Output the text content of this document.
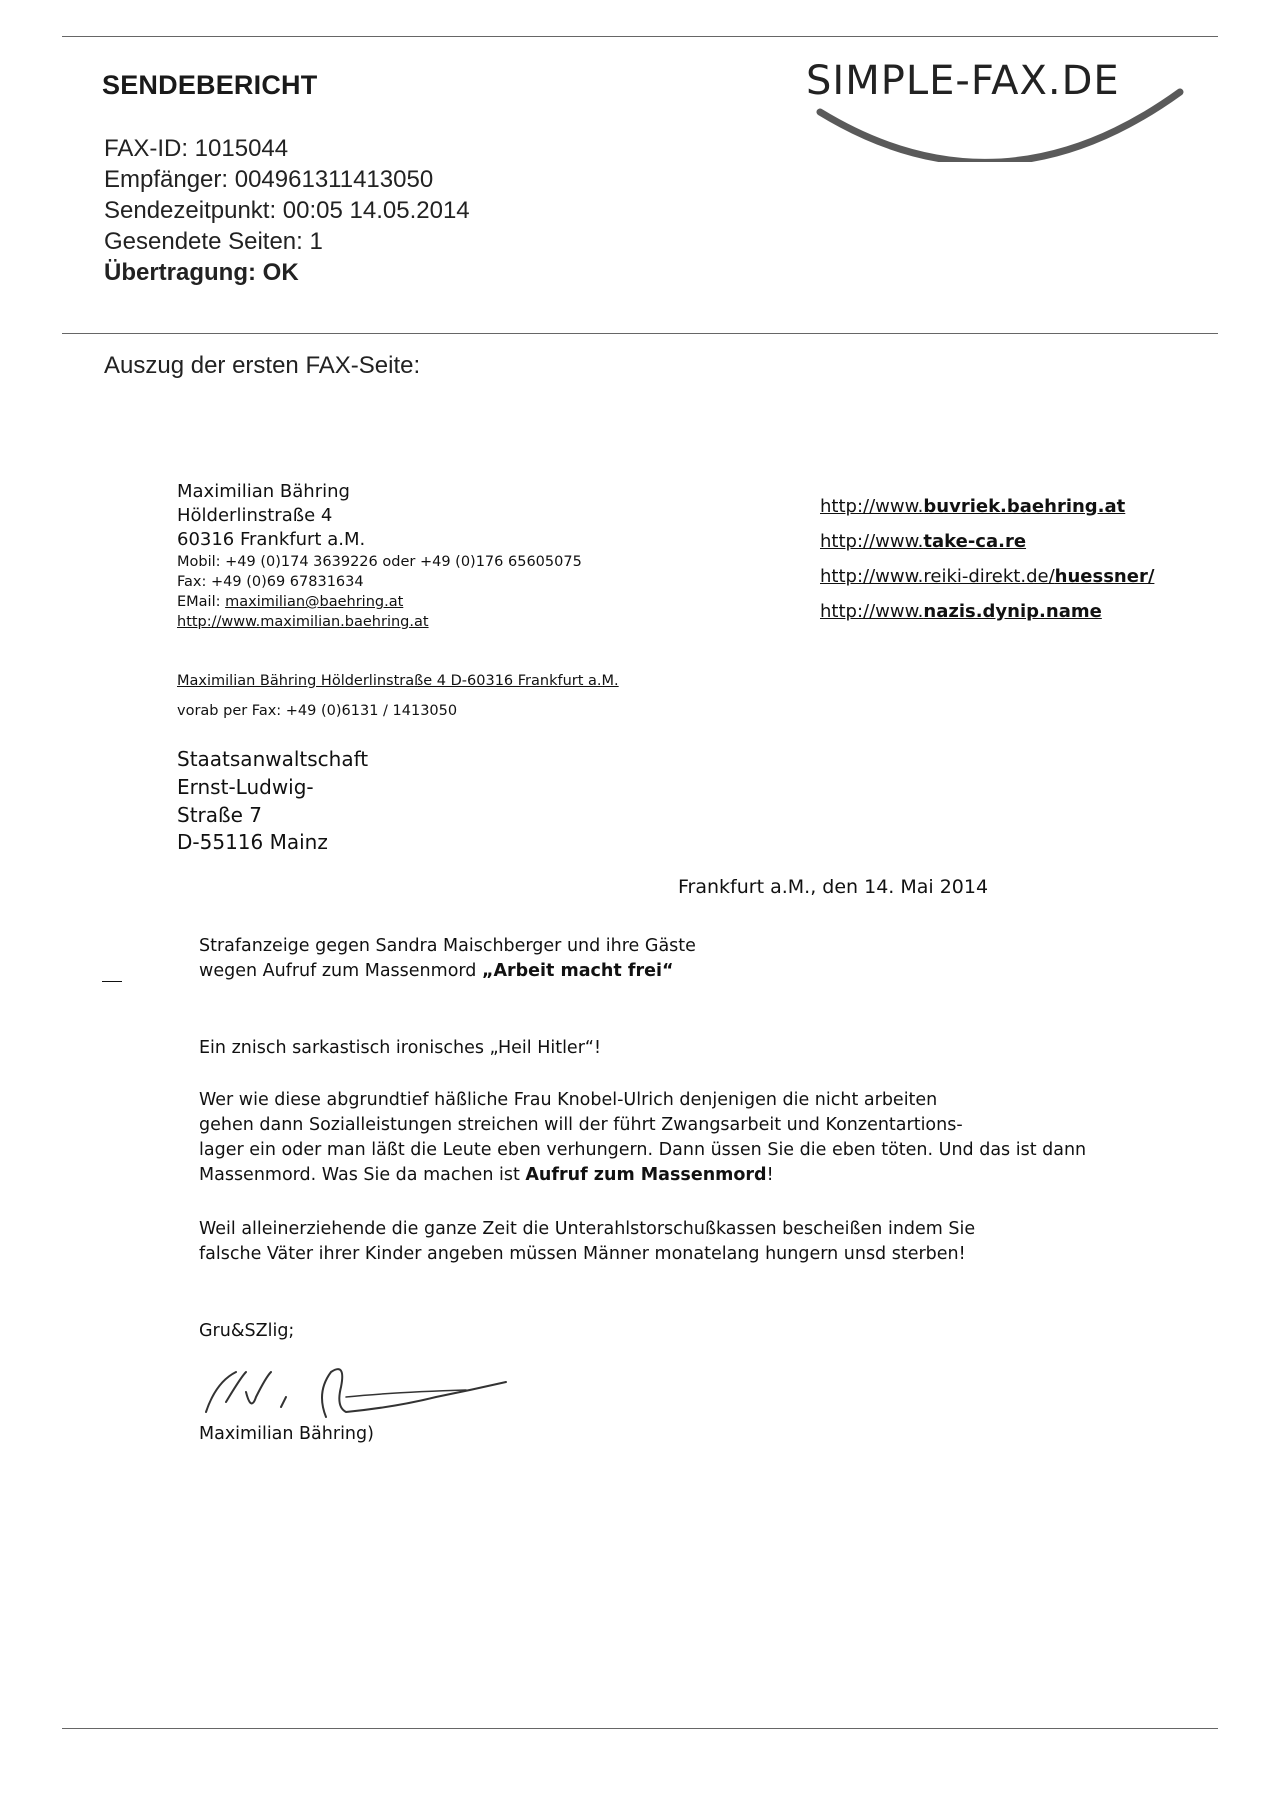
SENDEBERICHT	SIMPLE-FAX.DE
FAX-ID: 1015044
Empfänger: 004961311413050
Sendezeitpunkt: 00:05 14.05.2014
Gesendete Seiten: 1
Übertragung: OK
Auszug der ersten FAX-Seite:
Maximilian Bähring
Hölderlinstraße 4
60316 Frankfurt a.M.
Mobil: +49 (0)174 3639226 oder +49 (0)176 65605075
Fax: +49 (0)69 67831634
EMail: maximilian@baehring.at
http://www.maximilian.baehring.at
http://www.buvriek.baehring.at
http://www.take-ca.re
http://www.reiki-direkt.de/huessner/
http://www.nazis.dynip.name
Maximilian Bähring Hölderlinstraße 4 D-60316 Frankfurt a.M.
vorab per Fax: +49 (0)6131 / 1413050
Staatsanwaltschaft
Ernst-Ludwig-Straße 7
D-55116 Mainz
Frankfurt a.M., den 14. Mai 2014
Strafanzeige gegen Sandra Maischberger und ihre Gäste
wegen Aufruf zum Massenmord „Arbeit macht frei“
Ein znisch sarkastisch ironisches „Heil Hitler“!
Wer wie diese abgrundtief häßliche Frau Knobel-Ulrich denjenigen die nicht arbeiten
gehen dann Sozialleistungen streichen will der führt Zwangsarbeit und Konzentartions-
lager ein oder man läßt die Leute eben verhungern. Dann üssen Sie die eben töten. Und das ist dann
Massenmord. Was Sie da machen ist Aufruf zum Massenmord!
Weil alleinerziehende die ganze Zeit die Unterahlstorschußkassen bescheißen indem Sie
falsche Väter ihrer Kinder angeben müssen Männer monatelang hungern unsd sterben!
Gru&SZlig;
Maximilian Bähring)
